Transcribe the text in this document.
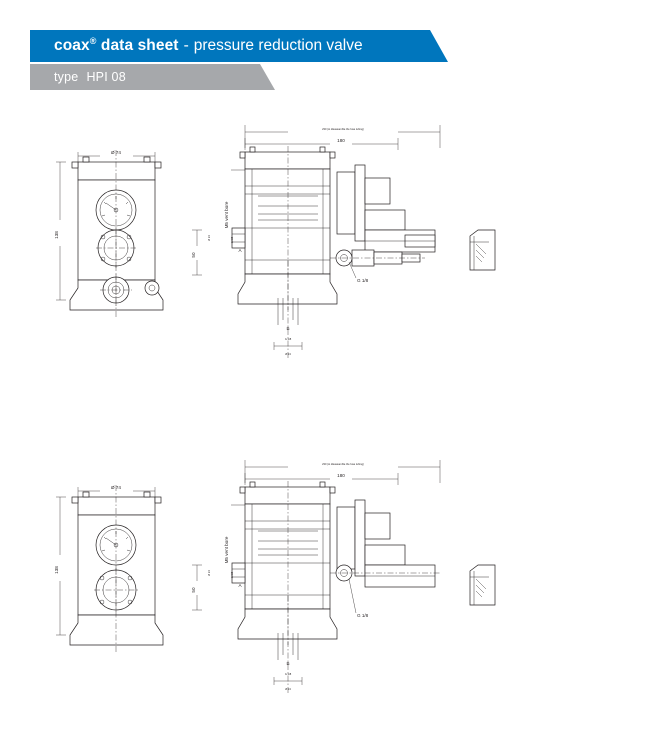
coax® data sheet - pressure reduction valve
type HPI 08
Ø 74
138
230 (to disassamble the fuse tubing)
180
G 1/8
M5 vent bore
Ø 24	G 3/8
A
50
B
G 3/8
Ø 24
Ø 74
138
230 (to disassamble the fuse tubing)
180
G 1/8
M5 vent bore
Ø 24	G 3/8
A
50
B
G 3/8
Ø 24
